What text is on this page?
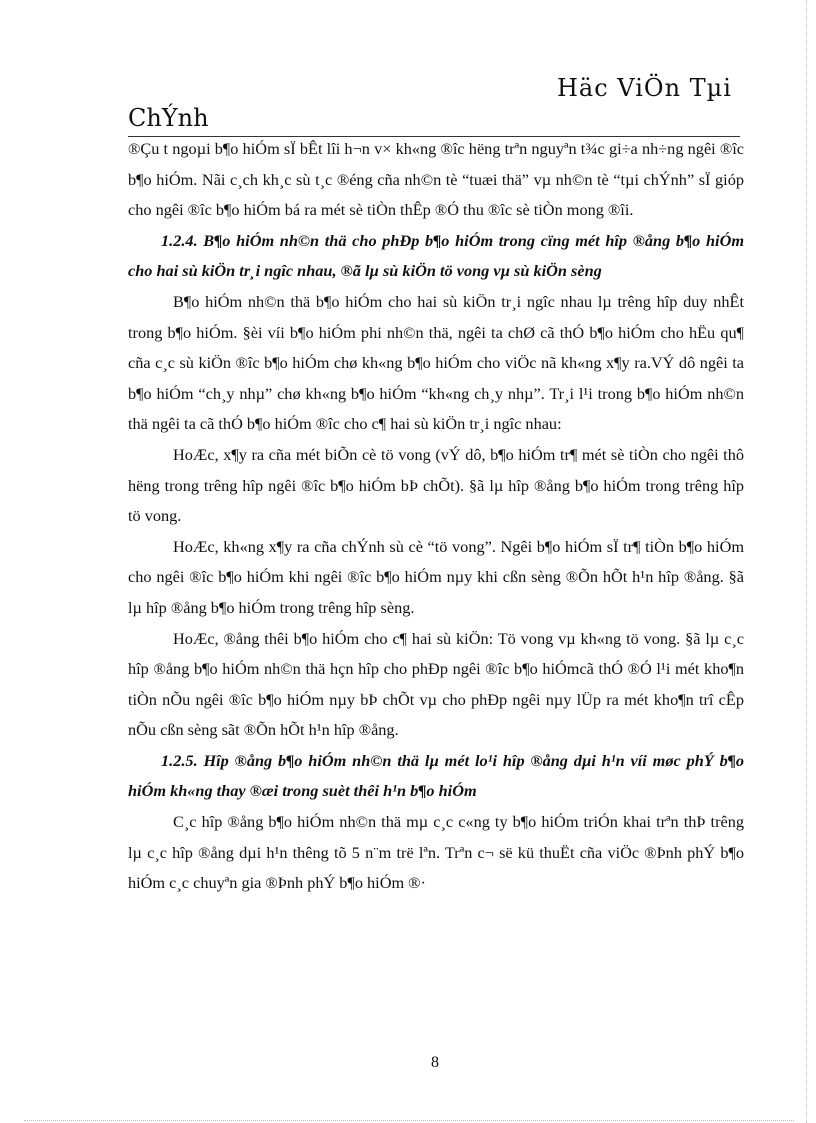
Häc ViÖn Tµi
ChÝnh

®Çu t ngoµi b¶o hiÓm sÏ bÊt lîi h¬n v× kh«ng ®îc hëng trªn nguyªn t¾c gi÷a nh÷ng ngêi ®îc b¶o hiÓm. Nãi c¸ch kh¸c sù t¸c ®éng cña nh©n tè “tuæi thä” vµ nh©n tè “tµi chÝnh” sÏ gióp cho ngêi ®îc b¶o hiÓm bá ra mét sè tiÒn thÊp ®Ó thu ®îc sè tiÒn mong ®îi.

1.2.4. B¶o hiÓm nh©n thä cho phÐp b¶o hiÓm trong cïng mét hîp ®ång b¶o hiÓm cho hai sù kiÖn tr¸i ngîc nhau, ®ã lµ sù kiÖn tö vong vµ sù kiÖn sèng

B¶o hiÓm nh©n thä b¶o hiÓm cho hai sù kiÖn tr¸i ngîc nhau lµ trêng hîp duy nhÊt trong b¶o hiÓm. §èi víi b¶o hiÓm phi nh©n thä, ngêi ta chØ cã thÓ b¶o hiÓm cho hËu qu¶ cña c¸c sù kiÖn ®îc b¶o hiÓm chø kh«ng b¶o hiÓm cho viÖc nã kh«ng x¶y ra.VÝ dô ngêi ta b¶o hiÓm “ch¸y nhµ” chø kh«ng b¶o hiÓm “kh«ng ch¸y nhµ”. Tr¸i l¹i trong b¶o hiÓm nh©n thä ngêi ta cã thÓ b¶o hiÓm ®îc cho c¶ hai sù kiÖn tr¸i ngîc nhau:

HoÆc, x¶y ra cña mét biÕn cè tö vong (vÝ dô, b¶o hiÓm tr¶ mét sè tiÒn cho ngêi thô hëng trong trêng hîp ngêi ®îc b¶o hiÓm bÞ chÕt). §ã lµ hîp ®ång b¶o hiÓm trong trêng hîp tö vong.

HoÆc, kh«ng x¶y ra cña chÝnh sù cè “tö vong”. Ngêi b¶o hiÓm sÏ tr¶ tiÒn b¶o hiÓm cho ngêi ®îc b¶o hiÓm khi ngêi ®îc b¶o hiÓm nµy khi cßn sèng ®Õn hÕt h¹n hîp ®ång. §ã lµ hîp ®ång b¶o hiÓm trong trêng hîp sèng.

HoÆc, ®ång thêi b¶o hiÓm cho c¶ hai sù kiÖn: Tö vong vµ kh«ng tö vong. §ã lµ c¸c hîp ®ång b¶o hiÓm nh©n thä hçn hîp cho phÐp ngêi ®îc b¶o hiÓmcã thÓ ®Ó l¹i mét kho¶n tiÒn nÕu ngêi ®îc b¶o hiÓm nµy bÞ chÕt vµ cho phÐp ngêi nµy lÜp ra mét kho¶n trî cÊp nÕu cßn sèng sãt ®Õn hÕt h¹n hîp ®ång.

1.2.5. Hîp ®ång b¶o hiÓm nh©n thä lµ mét lo¹i hîp ®ång dµi h¹n víi møc phÝ b¶o hiÓm kh«ng thay ®æi trong suèt thêi h¹n b¶o hiÓm

C¸c hîp ®ång b¶o hiÓm nh©n thä mµ c¸c c«ng ty b¶o hiÓm triÓn khai trªn thÞ trêng lµ c¸c hîp ®ång dµi h¹n thêng tõ 5 n¨m trë lªn. Trªn c¬ së kü thuËt cña viÖc ®Þnh phÝ b¶o hiÓm c¸c chuyªn gia ®Þnh phÝ b¶o hiÓm ®·

8
